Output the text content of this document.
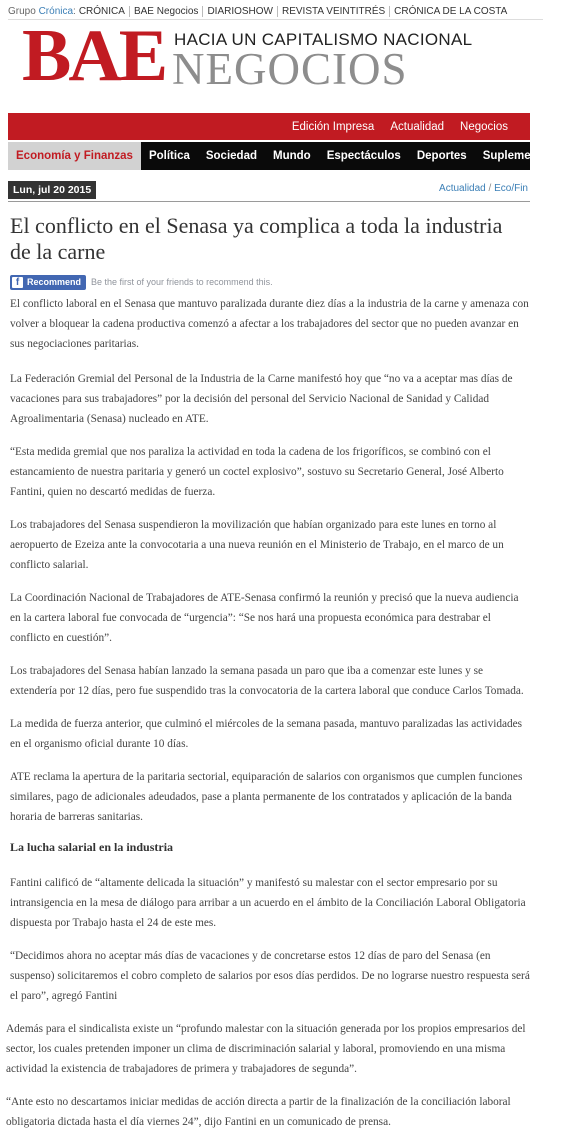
Grupo Crónica: CRÓNICA BAE Negocios DIARIOSHOW REVISTA VEINTITRÉS CRÓNICA DE LA COSTA
BAE HACIA UN CAPITALISMO NACIONAL
NEGOCIOS
Edición Impresa Actualidad Negocios
Economía y Finanzas	Política	Sociedad	Mundo	Espectáculos	Deportes	Suplementos
Lun, jul 20 2015	Actualidad / Eco/Fin
El conflicto en el Senasa ya complica a toda la industria de la carne
f Recommend Be the first of your friends to recommend this.

El conflicto laboral en el Senasa que mantuvo paralizada durante diez días a la industria de la carne y amenaza con volver a bloquear la cadena productiva comenzó a afectar a los trabajadores del sector que no pueden avanzar en sus negociaciones paritarias.

La Federación Gremial del Personal de la Industria de la Carne manifestó hoy que “no va a aceptar mas días de vacaciones para sus trabajadores” por la decisión del personal del Servicio Nacional de Sanidad y Calidad Agroalimentaria (Senasa) nucleado en ATE.

“Esta medida gremial que nos paraliza la actividad en toda la cadena de los frigoríficos, se combinó con el estancamiento de nuestra paritaria y generó un coctel explosivo”, sostuvo su Secretario General, José Alberto Fantini, quien no descartó medidas de fuerza.

Los trabajadores del Senasa suspendieron la movilización que habían organizado para este lunes en torno al aeropuerto de Ezeiza ante la convocotaria a una nueva reunión en el Ministerio de Trabajo, en el marco de un conflicto salarial.

La Coordinación Nacional de Trabajadores de ATE-Senasa confirmó la reunión y precisó que la nueva audiencia en la cartera laboral fue convocada de “urgencia”: “Se nos hará una propuesta económica para destrabar el conflicto en cuestión”.

Los trabajadores del Senasa habían lanzado la semana pasada un paro que iba a comenzar este lunes y se extendería por 12 días, pero fue suspendido tras la convocatoria de la cartera laboral que conduce Carlos Tomada.

La medida de fuerza anterior, que culminó el miércoles de la semana pasada, mantuvo paralizadas las actividades en el organismo oficial durante 10 días.

ATE reclama la apertura de la paritaria sectorial, equiparación de salarios con organismos que cumplen funciones similares, pago de adicionales adeudados, pase a planta permanente de los contratados y aplicación de la banda horaria de barreras sanitarias.

La lucha salarial en la industria

Fantini calificó de “altamente delicada la situación” y manifestó su malestar con el sector empresario por su intransigencia en la mesa de diálogo para arribar a un acuerdo en el ámbito de la Conciliación Laboral Obligatoria dispuesta por Trabajo hasta el 24 de este mes.

“Decidimos ahora no aceptar más días de vacaciones y de concretarse estos 12 días de paro del Senasa (en suspenso) solicitaremos el cobro completo de salarios por esos días perdidos. De no lograrse nuestro respuesta será el paro”, agregó Fantini

Además para el sindicalista existe un “profundo malestar con la situación generada por los propios empresarios del sector, los cuales pretenden imponer un clima de discriminación salarial y laboral, promoviendo en una misma actividad la existencia de trabajadores de primera y trabajadores de segunda”.

“Ante esto no descartamos iniciar medidas de acción directa a partir de la finalización de la conciliación laboral obligatoria dictada hasta el día viernes 24”, dijo Fantini en un comunicado de prensa.
